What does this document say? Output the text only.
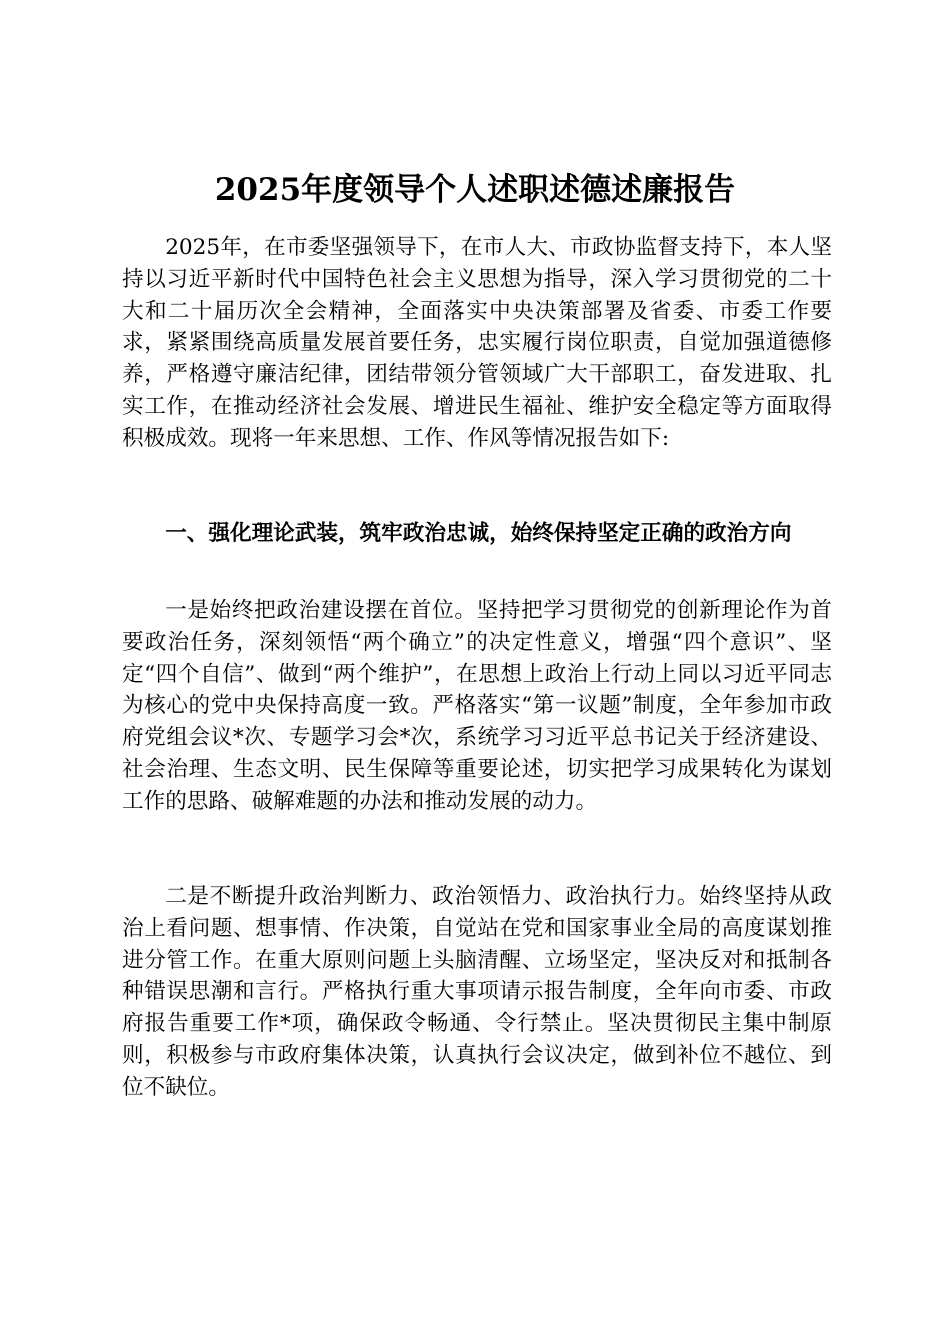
2025年度领导个人述职述德述廉报告

2025年，在市委坚强领导下，在市人大、市政协监督支持下，本人坚持以习近平新时代中国特色社会主义思想为指导，深入学习贯彻党的二十大和二十届历次全会精神，全面落实中央决策部署及省委、市委工作要求，紧紧围绕高质量发展首要任务，忠实履行岗位职责，自觉加强道德修养，严格遵守廉洁纪律，团结带领分管领域广大干部职工，奋发进取、扎实工作，在推动经济社会发展、增进民生福祉、维护安全稳定等方面取得积极成效。现将一年来思想、工作、作风等情况报告如下:

一、强化理论武装，筑牢政治忠诚，始终保持坚定正确的政治方向

一是始终把政治建设摆在首位。坚持把学习贯彻党的创新理论作为首要政治任务，深刻领悟“两个确立”的决定性意义，增强“四个意识”、坚定“四个自信”、做到“两个维护”，在思想上政治上行动上同以习近平同志为核心的党中央保持高度一致。严格落实“第一议题”制度，全年参加市政府党组会议*次、专题学习会*次，系统学习习近平总书记关于经济建设、社会治理、生态文明、民生保障等重要论述，切实把学习成果转化为谋划工作的思路、破解难题的办法和推动发展的动力。

二是不断提升政治判断力、政治领悟力、政治执行力。始终坚持从政治上看问题、想事情、作决策，自觉站在党和国家事业全局的高度谋划推进分管工作。在重大原则问题上头脑清醒、立场坚定，坚决反对和抵制各种错误思潮和言行。严格执行重大事项请示报告制度，全年向市委、市政府报告重要工作*项，确保政令畅通、令行禁止。坚决贯彻民主集中制原则，积极参与市政府集体决策，认真执行会议决定，做到补位不越位、到位不缺位。
